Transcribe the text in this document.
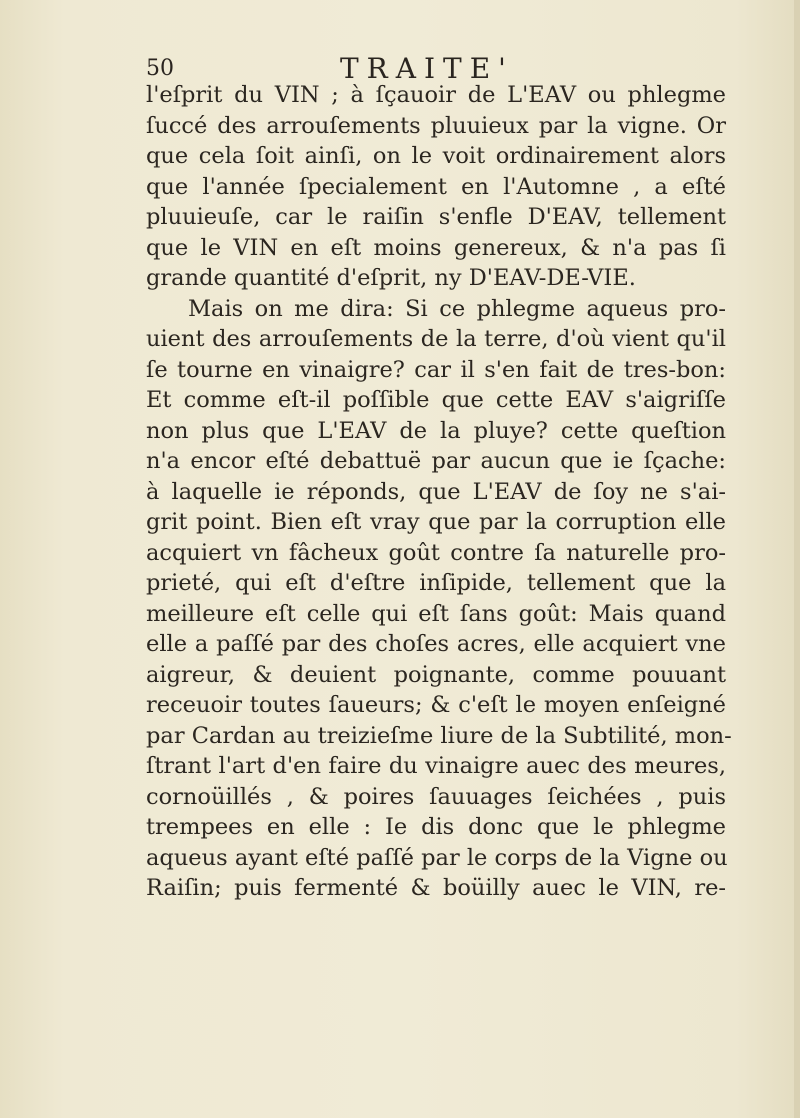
50	TRAITE'
l'eſprit du VIN ; à ſçauoir de L'EAV ou phlegme
ſuccé des arrouſements pluuieux par la vigne. Or
que cela ſoit ainſi, on le voit ordinairement alors
que l'année ſpecialement en l'Automne , a eſté
pluuieuſe, car le raiſin s'enfle D'EAV, tellement
que le VIN en eſt moins genereux, & n'a pas ſi
grande quantité d'eſprit, ny D'EAV-DE-VIE.
Mais on me dira: Si ce phlegme aqueus pro-
uient des arrouſements de la terre, d'où vient qu'il
ſe tourne en vinaigre? car il s'en fait de tres-bon:
Et comme eſt-il poſſible que cette EAV s'aigriſſe
non plus que L'EAV de la pluye? cette queſtion
n'a encor eſté debattuë par aucun que ie ſçache:
à laquelle ie réponds, que L'EAV de ſoy ne s'ai-
grit point. Bien eſt vray que par la corruption elle
acquiert vn fâcheux goût contre ſa naturelle pro-
prieté, qui eſt d'eſtre inſipide, tellement que la
meilleure eſt celle qui eſt ſans goût: Mais quand
elle a paſſé par des choſes acres, elle acquiert vne
aigreur, & deuient poignante, comme pouuant
receuoir toutes ſaueurs; & c'eſt le moyen enſeigné
par Cardan au treizieſme liure de la Subtilité, mon-
ſtrant l'art d'en faire du vinaigre auec des meures,
cornoüillés , & poires ſauuages ſeichées , puis
trempees en elle : Ie dis donc que le phlegme
aqueus ayant eſté paſſé par le corps de la Vigne ou
Raiſin; puis fermenté & boüilly auec le VIN, re-
